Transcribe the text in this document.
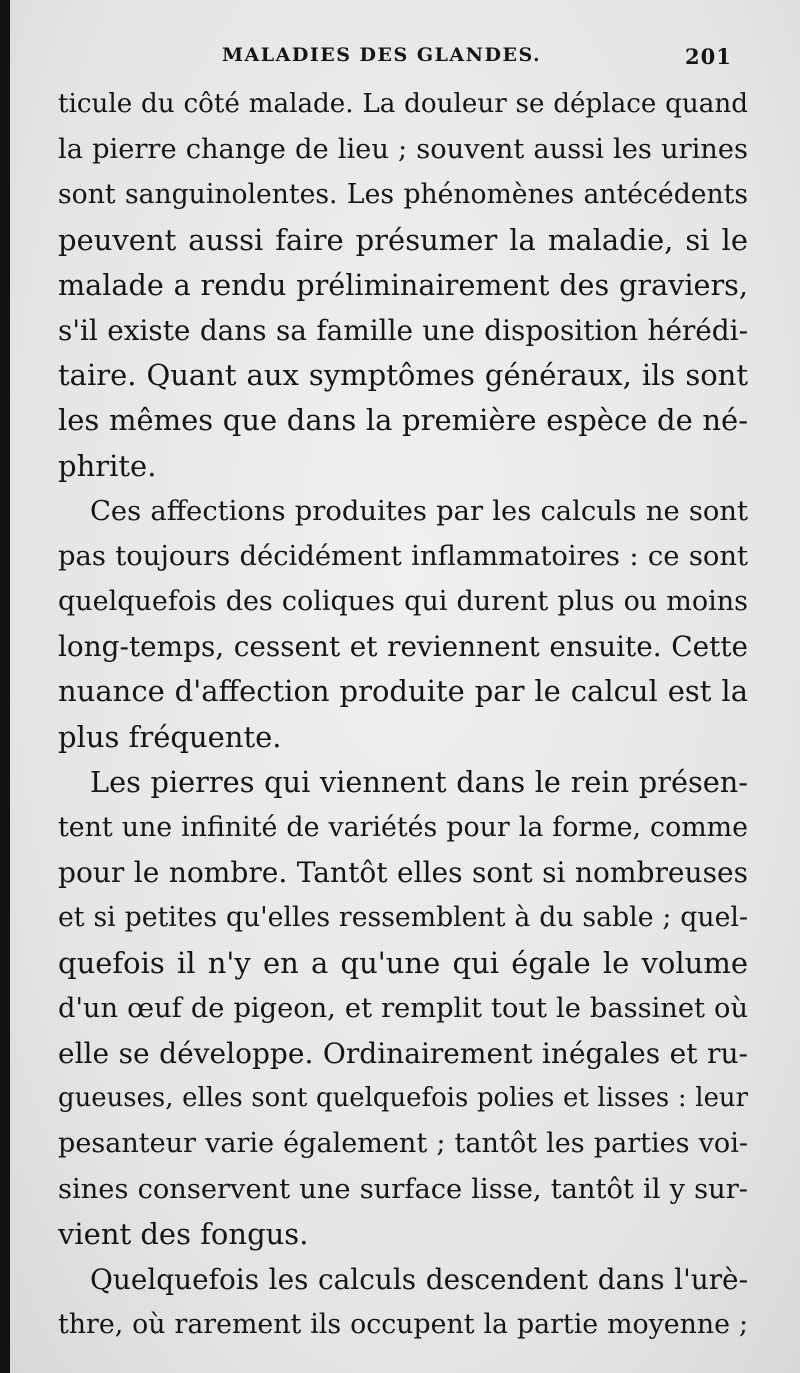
MALADIES DES GLANDES.	201
ticule du côté malade. La douleur se déplace quand
la pierre change de lieu ; souvent aussi les urines
sont sanguinolentes. Les phénomènes antécédents
peuvent aussi faire présumer la maladie, si le
malade a rendu préliminairement des graviers,
s'il existe dans sa famille une disposition hérédi-
taire. Quant aux symptômes généraux, ils sont
les mêmes que dans la première espèce de né-
phrite.
Ces affections produites par les calculs ne sont
pas toujours décidément inflammatoires : ce sont
quelquefois des coliques qui durent plus ou moins
long-temps, cessent et reviennent ensuite. Cette
nuance d'affection produite par le calcul est la
plus fréquente.
Les pierres qui viennent dans le rein présen-
tent une infinité de variétés pour la forme, comme
pour le nombre. Tantôt elles sont si nombreuses
et si petites qu'elles ressemblent à du sable ; quel-
quefois il n'y en a qu'une qui égale le volume
d'un œuf de pigeon, et remplit tout le bassinet où
elle se développe. Ordinairement inégales et ru-
gueuses, elles sont quelquefois polies et lisses : leur
pesanteur varie également ; tantôt les parties voi-
sines conservent une surface lisse, tantôt il y sur-
vient des fongus.
Quelquefois les calculs descendent dans l'urè-
thre, où rarement ils occupent la partie moyenne ;
